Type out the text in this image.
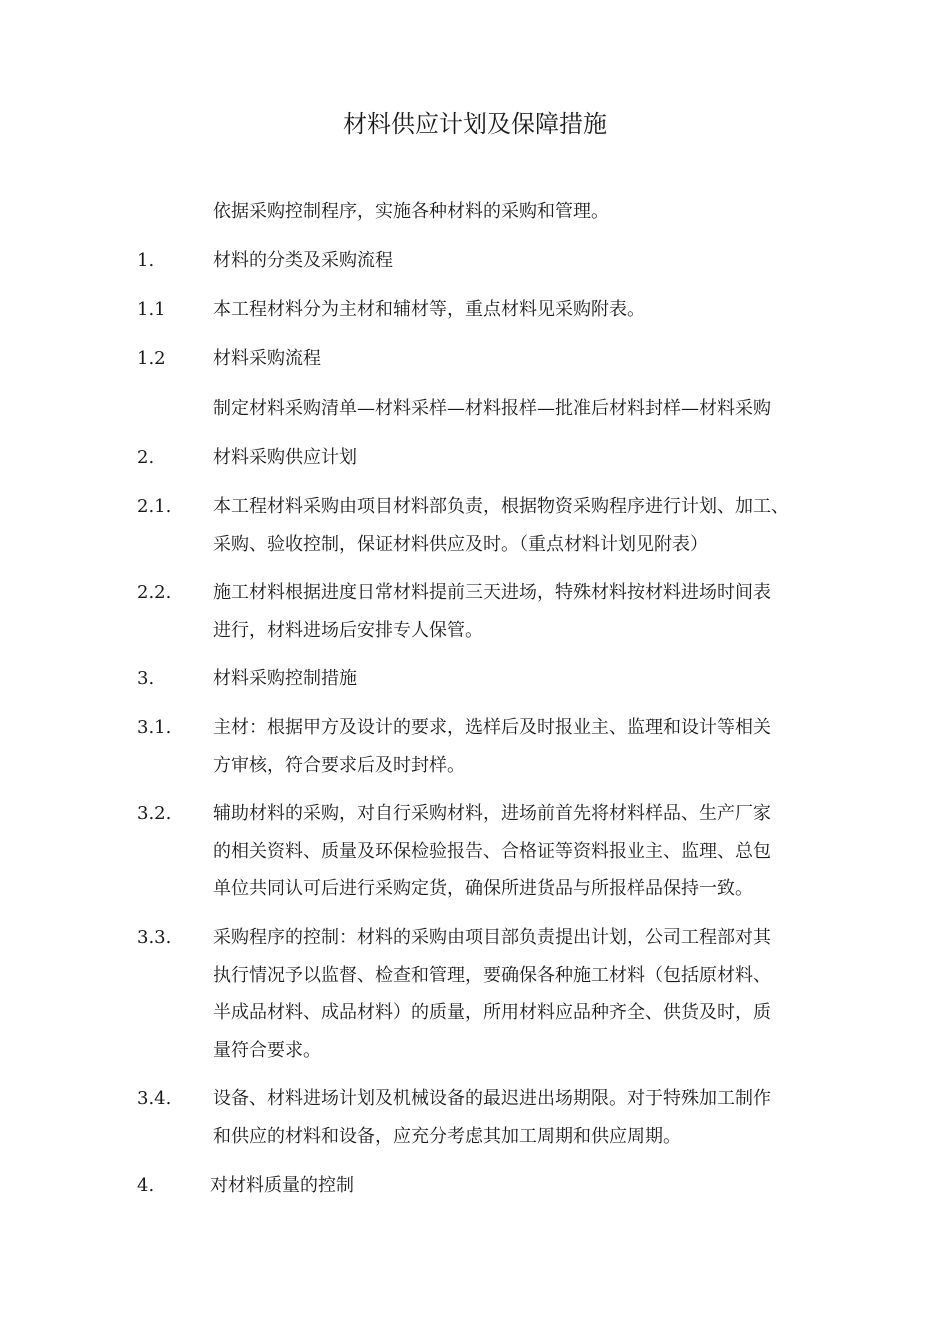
材料供应计划及保障措施
依据采购控制程序，实施各种材料的采购和管理。
1.	材料的分类及采购流程
1.1	本工程材料分为主材和辅材等，重点材料见采购附表。
1.2	材料采购流程
制定材料采购清单—材料采样—材料报样—批准后材料封样—材料采购
2.	材料采购供应计划
2.1. 本工程材料采购由项目材料部负责，根据物资采购程序进行计划、加工、
采购、验收控制，保证材料供应及时。（重点材料计划见附表）
2.2. 施工材料根据进度日常材料提前三天进场，特殊材料按材料进场时间表
进行，材料进场后安排专人保管。
3.	材料采购控制措施
3.1. 主材：根据甲方及设计的要求，选样后及时报业主、监理和设计等相关
方审核，符合要求后及时封样。
3.2. 辅助材料的采购，对自行采购材料，进场前首先将材料样品、生产厂家
的相关资料、质量及环保检验报告、合格证等资料报业主、监理、总包
单位共同认可后进行采购定货，确保所进货品与所报样品保持一致。
3.3. 采购程序的控制：材料的采购由项目部负责提出计划，公司工程部对其
执行情况予以监督、检查和管理，要确保各种施工材料（包括原材料、
半成品材料、成品材料）的质量，所用材料应品种齐全、供货及时，质
量符合要求。
3.4. 设备、材料进场计划及机械设备的最迟进出场期限。对于特殊加工制作
和供应的材料和设备，应充分考虑其加工周期和供应周期。
4.	对材料质量的控制
